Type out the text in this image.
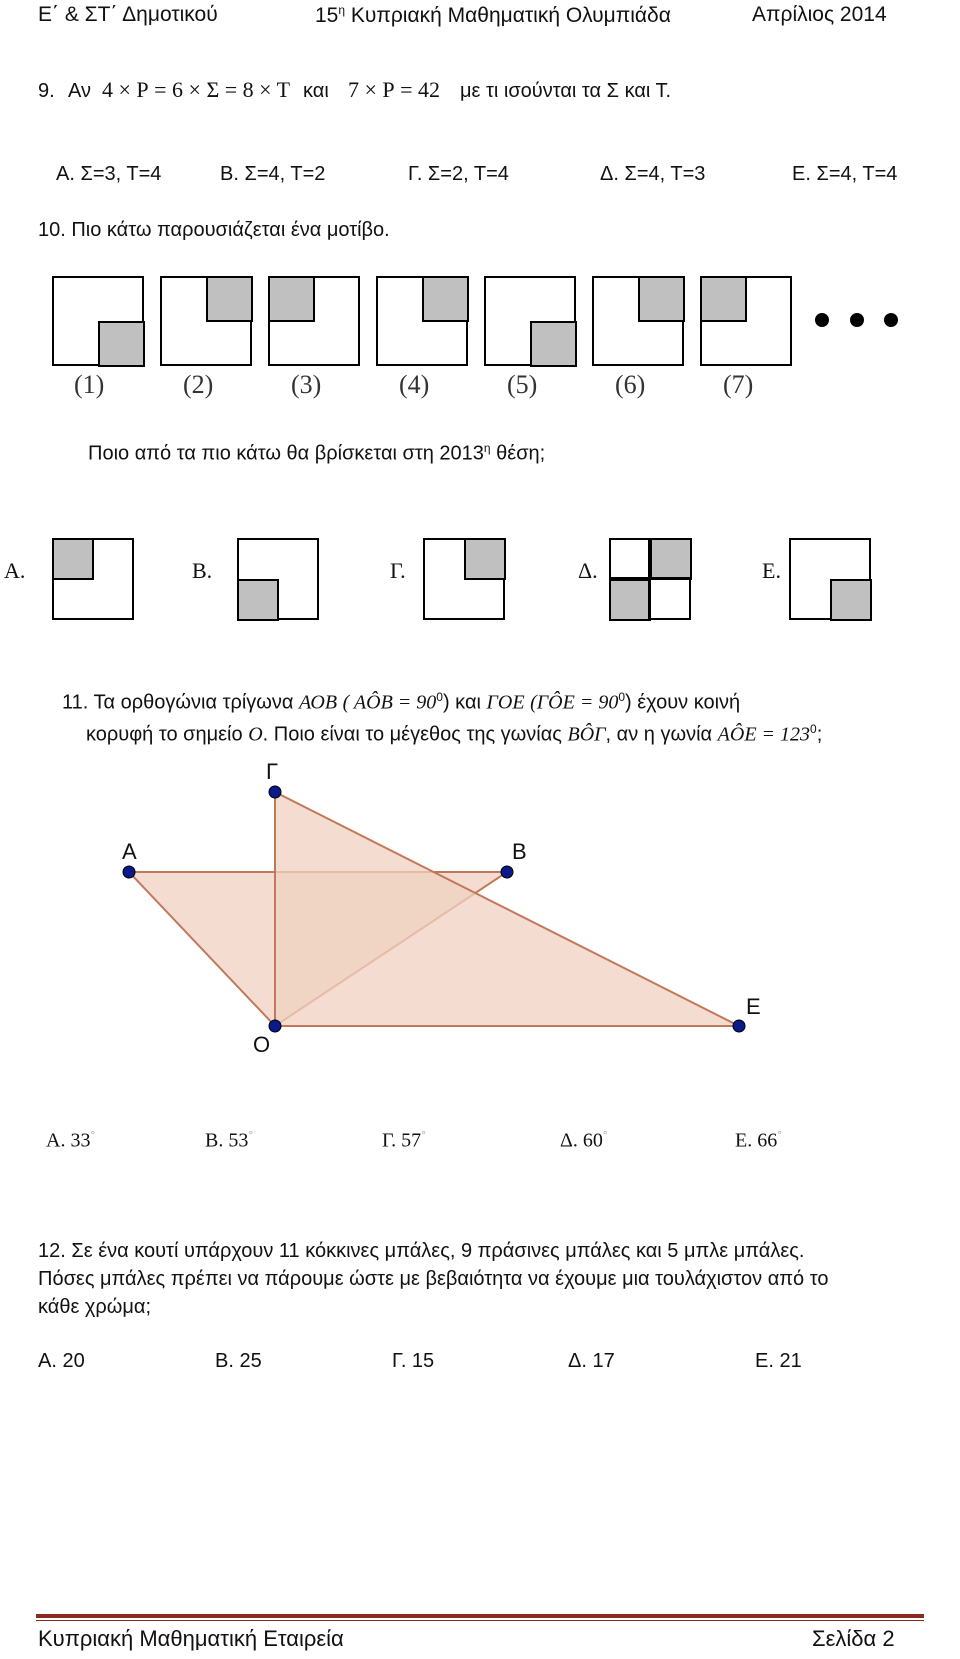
Ε΄ & ΣΤ΄ Δημοτικού	$15^\eta$ Κυπριακή Μαθηματική Ολυμπιάδα	Απρίλιος 2014
9. Αν 4 × Ρ = 6 × Σ = 8 × Τ και 7 × Ρ = 42 με τι ισούνται τα Σ και Τ.
Α. Σ=3, Τ=4	Β. Σ=4, Τ=2	Γ. Σ=2, Τ=4	Δ. Σ=4, Τ=3	Ε. Σ=4, Τ=4
10. Πιο κάτω παρουσιάζεται ένα μοτίβο.
(1)	(2)	(3)	(4)	(5)	(6)	(7)
Ποιο από τα πιο κάτω θα βρίσκεται στη $2013^\eta$ θέση;
Α.	Β.	Γ.	Δ.	Ε.
11. Τα ορθογώνια τρίγωνα ΑΟΒ ( ΑÔΒ = $90^0$) και ΓΟΕ (ΓÔΕ = $90^0$) έχουν κοινή
κορυφή το σημείο Ο. Ποιο είναι το μέγεθος της γωνίας ΒÔΓ, αν η γωνία ΑÔΕ = $123^0$;
Α	Β
Γ
Ο
Ε
Α. 33°	Β. 53°	Γ. 57°	Δ. 60°	Ε. 66°
12. Σε ένα κουτί υπάρχουν 11 κόκκινες μπάλες, 9 πράσινες μπάλες και 5 μπλε μπάλες.
Πόσες μπάλες πρέπει να πάρουμε ώστε με βεβαιότητα να έχουμε μια τουλάχιστον από το
κάθε χρώμα;
Α. 20	Β. 25	Γ. 15	Δ. 17	Ε. 21
Κυπριακή Μαθηματική Εταιρεία	Σελίδα 2
